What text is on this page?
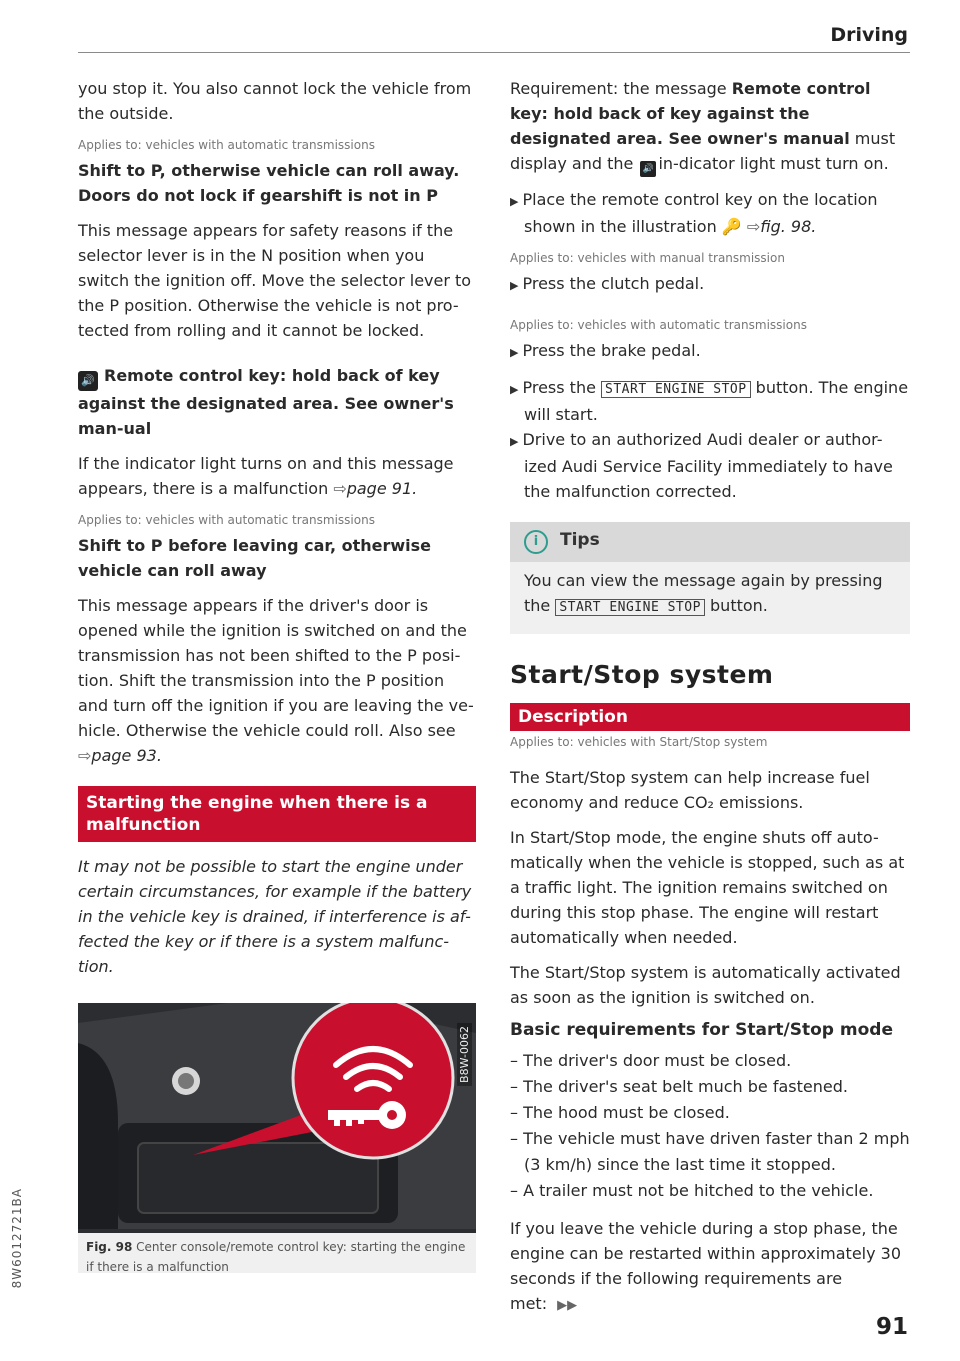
Driving

you stop it. You also cannot lock the vehicle from the outside.

Applies to: vehicles with automatic transmissions
Shift to P, otherwise vehicle can roll away. Doors do not lock if gearshift is not in P

This message appears for safety reasons if the selector lever is in the N position when you switch the ignition off. Move the selector lever to the P position. Otherwise the vehicle is not pro-tected from rolling and it cannot be locked.

🔊 Remote control key: hold back of key against the designated area. See owner's man-ual

If the indicator light turns on and this message appears, there is a malfunction ⇨page 91.

Applies to: vehicles with automatic transmissions
Shift to P before leaving car, otherwise vehicle can roll away

This message appears if the driver's door is opened while the ignition is switched on and the transmission has not been shifted to the P posi-tion. Shift the transmission into the P position and turn off the ignition if you are leaving the ve-hicle. Otherwise the vehicle could roll. Also see ⇨page 93.

Starting the engine when there is a malfunction

It may not be possible to start the engine under certain circumstances, for example if the battery in the vehicle key is drained, if interference is af-fected the key or if there is a system malfunc-tion.

B8W-0062
Fig. 98 Center console/remote control key: starting the engine if there is a malfunction

Requirement: the message Remote control key: hold back of key against the designated area. See owner's manual must display and the 🔊 in-dicator light must turn on.

▶ Place the remote control key on the location shown in the illustration 🔑 ⇨fig. 98.

Applies to: vehicles with manual transmission

▶ Press the clutch pedal.

Applies to: vehicles with automatic transmissions

▶ Press the brake pedal.

▶ Press the START ENGINE STOP button. The engine will start.

▶ Drive to an authorized Audi dealer or author-ized Audi Service Facility immediately to have the malfunction corrected.

i Tips

You can view the message again by pressing the START ENGINE STOP button.

Start/Stop system
Description
Applies to: vehicles with Start/Stop system

The Start/Stop system can help increase fuel economy and reduce CO₂ emissions.

In Start/Stop mode, the engine shuts off auto-matically when the vehicle is stopped, such as at a traffic light. The ignition remains switched on during this stop phase. The engine will restart automatically when needed.

The Start/Stop system is automatically activated as soon as the ignition is switched on.

Basic requirements for Start/Stop mode

– The driver's door must be closed.

– The driver's seat belt much be fastened.

– The hood must be closed.

– The vehicle must have driven faster than 2 mph (3 km/h) since the last time it stopped.

– A trailer must not be hitched to the vehicle.

If you leave the vehicle during a stop phase, the engine can be restarted within approximately 30 seconds if the following requirements are met: ▶▶

8W6012721BA
91
